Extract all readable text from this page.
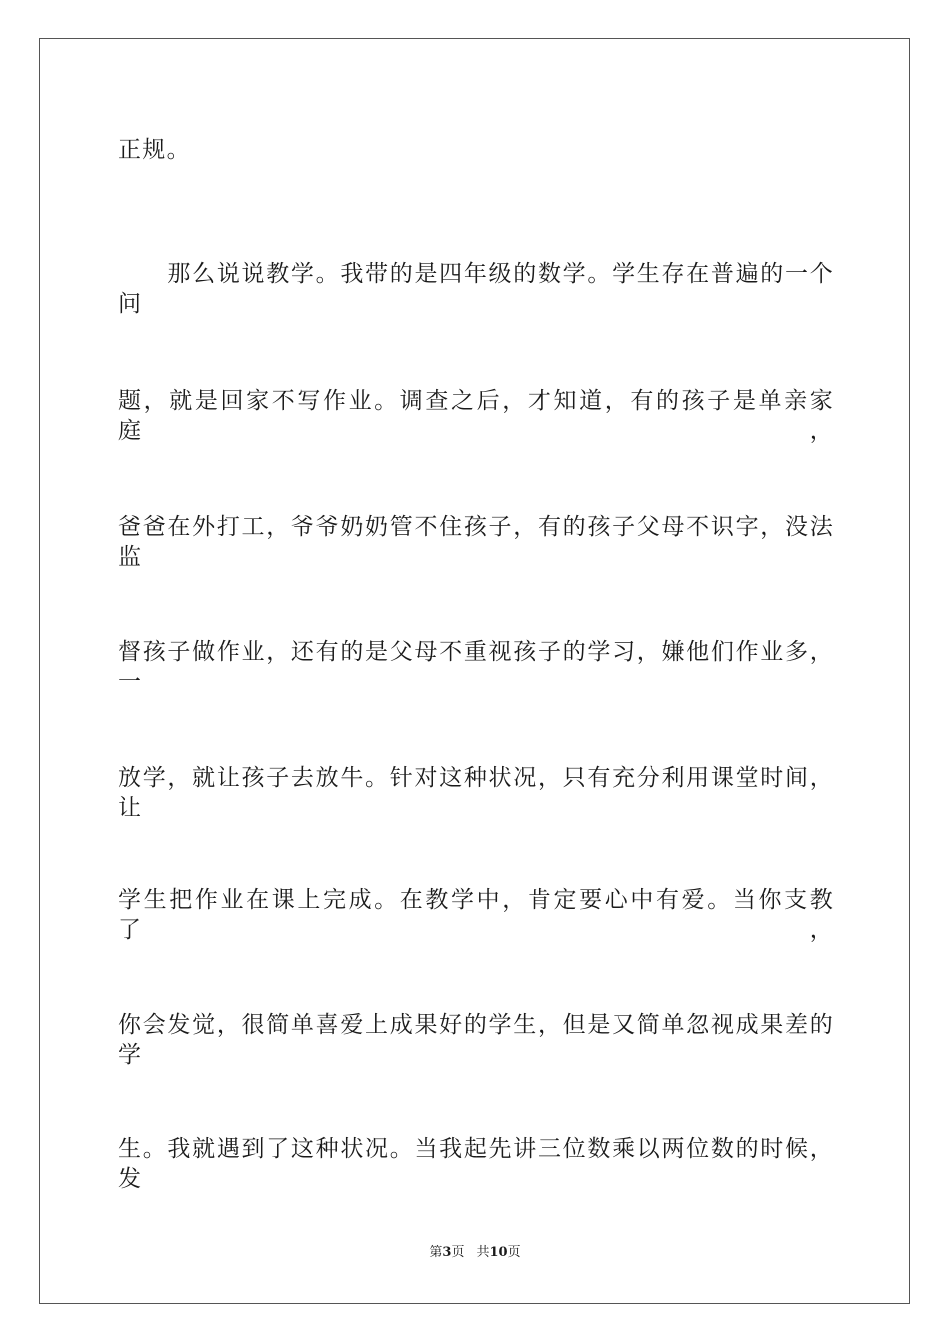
正规。
　　那么说说教学。我带的是四年级的数学。学生存在普遍的一个问
题，就是回家不写作业。调查之后，才知道，有的孩子是单亲家庭，
爸爸在外打工，爷爷奶奶管不住孩子，有的孩子父母不识字，没法监
督孩子做作业，还有的是父母不重视孩子的学习，嫌他们作业多，一
放学，就让孩子去放牛。针对这种状况，只有充分利用课堂时间，让
学生把作业在课上完成。在教学中，肯定要心中有爱。当你支教了，
你会发觉，很简单喜爱上成果好的学生，但是又简单忽视成果差的学
生。我就遇到了这种状况。当我起先讲三位数乘以两位数的时候，发
第3页 共10页
